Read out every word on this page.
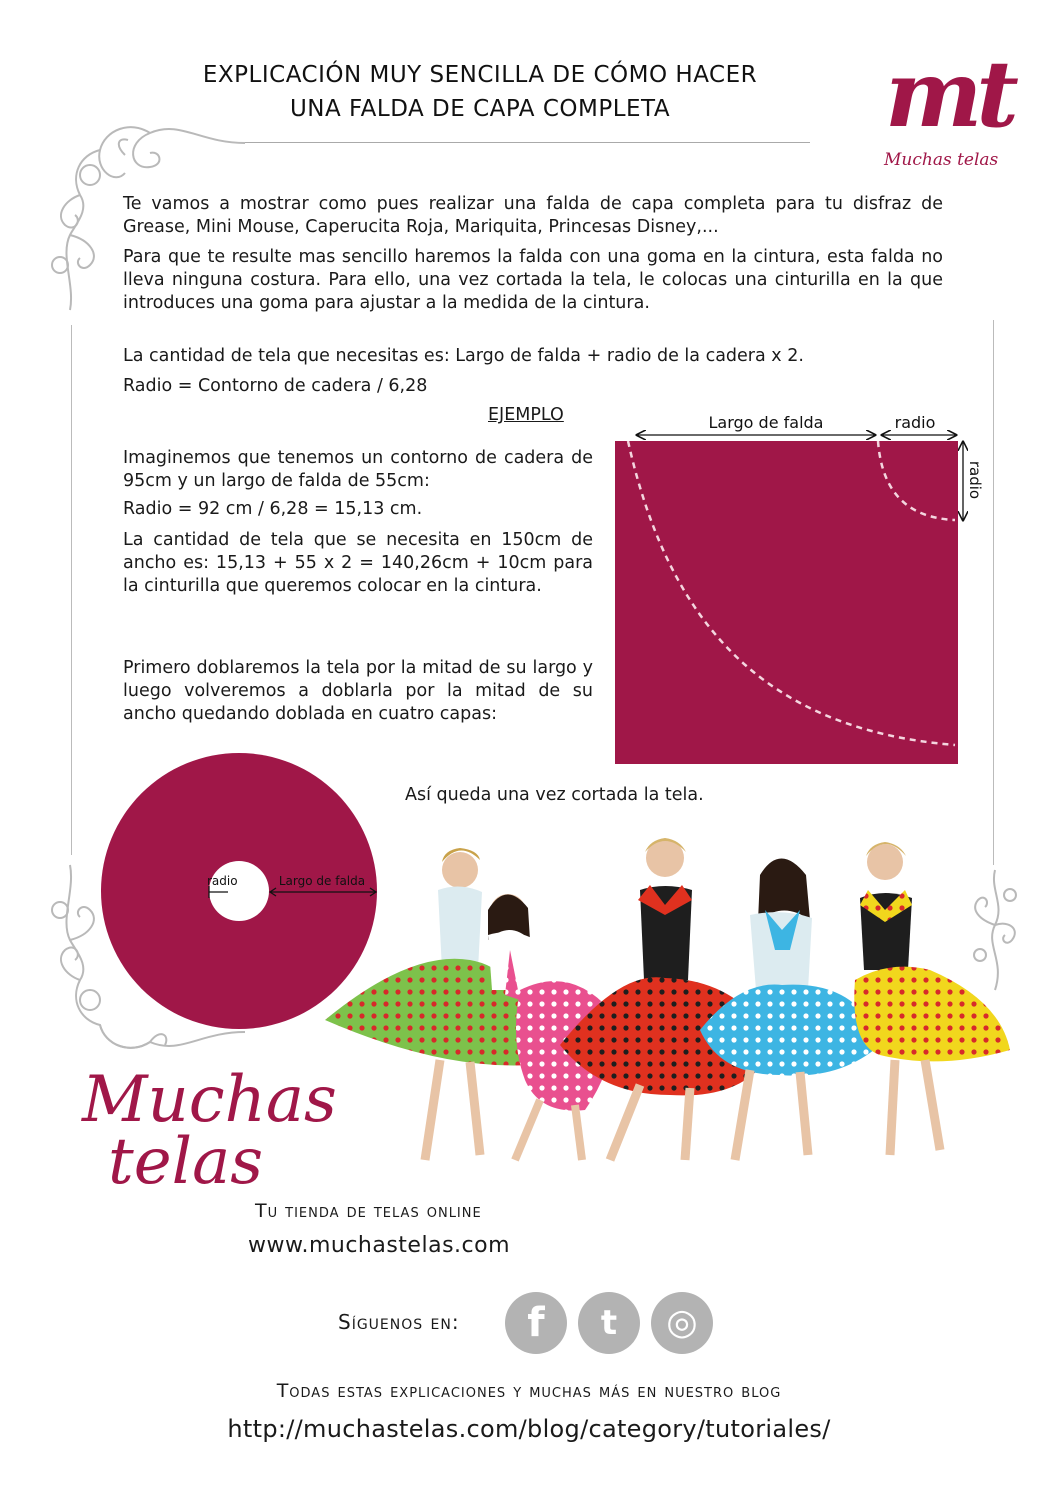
EXPLICACIÓN MUY SENCILLA DE CÓMO HACER
UNA FALDA DE CAPA COMPLETA	mt
Muchas telas
Te vamos a mostrar como pues realizar una falda de capa completa para tu disfraz de Grease, Mini Mouse, Caperucita Roja, Mariquita, Princesas Disney,...
Para que te resulte mas sencillo haremos la falda con una goma en la cintura, esta falda no lleva ninguna costura. Para ello, una vez cortada la tela, le colocas una cinturilla en la que introduces una goma para ajustar a la medida de la cintura.
La cantidad de tela que necesitas es: Largo de falda + radio de la cadera x 2.
Radio = Contorno de cadera / 6,28
EJEMPLO
Imaginemos que tenemos un contorno de cadera de 95cm y un largo de falda de 55cm:
Radio = 92 cm / 6,28 = 15,13 cm.
La cantidad de tela que se necesita en 150cm de ancho es: 15,13 + 55 x 2 = 140,26cm + 10cm para la cinturilla que queremos colocar en la cintura.
Primero doblaremos la tela por la mitad de su largo y luego volveremos a doblarla por la mitad de su ancho quedando doblada en cuatro capas:
Largo de falda	radio
radio
Así queda una vez cortada la tela.
radio	Largo de falda
Muchas
telas
Tu tienda de telas online
www.muchastelas.com
Síguenos en:	f	t	◎
Todas estas explicaciones y muchas más en nuestro blog
http://muchastelas.com/blog/category/tutoriales/
